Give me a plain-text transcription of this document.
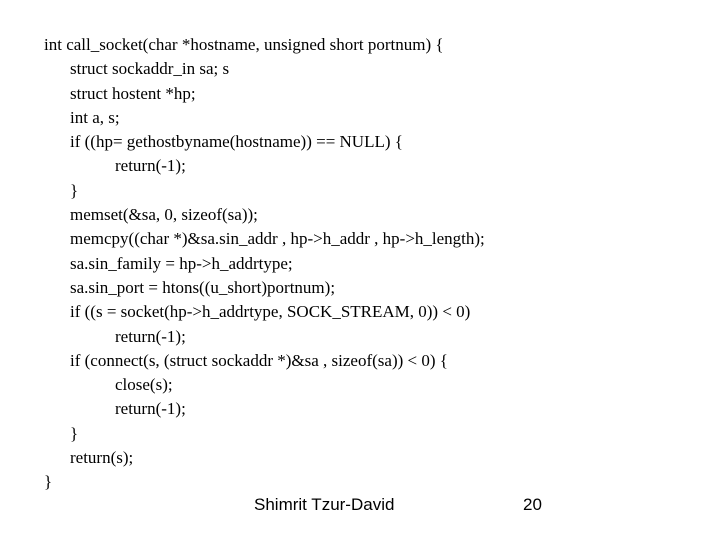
int call_socket(char *hostname, unsigned short portnum) {
struct sockaddr_in sa; s
struct hostent *hp;
int a, s;
if ((hp= gethostbyname(hostname)) == NULL) {
return(-1);
}
memset(&sa, 0, sizeof(sa));
memcpy((char *)&sa.sin_addr , hp->h_addr , hp->h_length);
sa.sin_family = hp->h_addrtype;
sa.sin_port = htons((u_short)portnum);
if ((s = socket(hp->h_addrtype, SOCK_STREAM, 0)) < 0)
return(-1);
if (connect(s, (struct sockaddr *)&sa , sizeof(sa)) < 0) {
close(s);
return(-1);
}
return(s);
}
Shimrit Tzur-David	20
